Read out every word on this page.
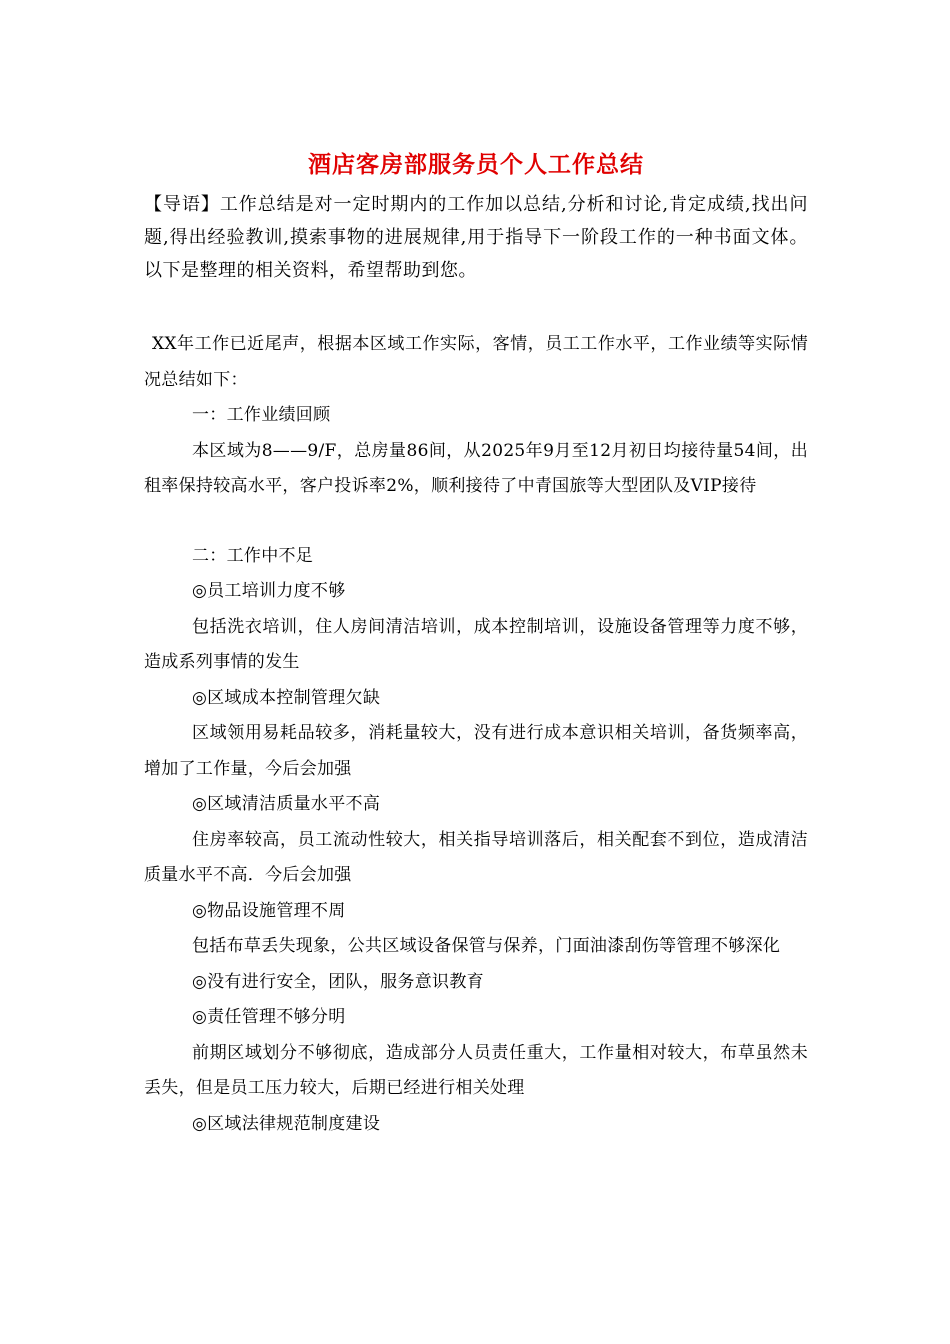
酒店客房部服务员个人工作总结

【导语】工作总结是对一定时期内的工作加以总结,分析和讨论,肯定成绩,找出问题,得出经验教训,摸索事物的进展规律,用于指导下一阶段工作的一种书面文体。以下是整理的相关资料，希望帮助到您。

XX年工作已近尾声，根据本区域工作实际，客情，员工工作水平，工作业绩等实际情况总结如下：

一：工作业绩回顾

本区域为8——9/F，总房量86间，从2025年9月至12月初日均接待量54间，出租率保持较高水平，客户投诉率2%，顺利接待了中青国旅等大型团队及VIP接待

二：工作中不足

◎员工培训力度不够

包括洗衣培训，住人房间清洁培训，成本控制培训，设施设备管理等力度不够，造成系列事情的发生

◎区域成本控制管理欠缺

区域领用易耗品较多，消耗量较大，没有进行成本意识相关培训，备货频率高，增加了工作量，今后会加强

◎区域清洁质量水平不高

住房率较高，员工流动性较大，相关指导培训落后，相关配套不到位，造成清洁质量水平不高．今后会加强

◎物品设施管理不周

包括布草丢失现象，公共区域设备保管与保养，门面油漆刮伤等管理不够深化

◎没有进行安全，团队，服务意识教育

◎责任管理不够分明

前期区域划分不够彻底，造成部分人员责任重大，工作量相对较大，布草虽然未丢失，但是员工压力较大，后期已经进行相关处理

◎区域法律规范制度建设
